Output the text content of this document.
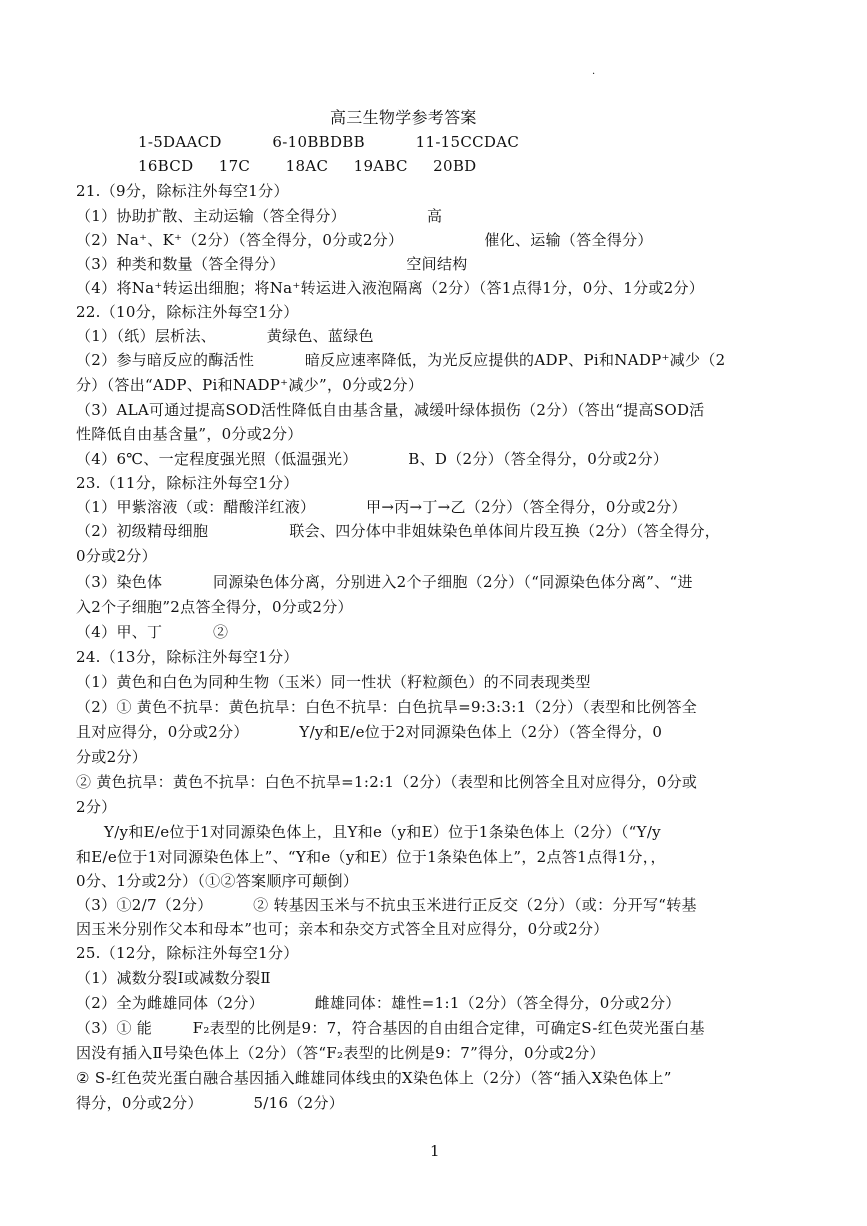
.
高三生物学参考答案
1-5DAACD          6-10BBDBB          11-15CCDAC
16BCD     17C       18AC     19ABC     20BD
21.（9分，除标注外每空1分）
（1）协助扩散、主动运输（答全得分）                高
（2）Na⁺、K⁺（2分）（答全得分，0分或2分）                催化、运输（答全得分）
（3）种类和数量（答全得分）                        空间结构
（4）将Na⁺转运出细胞；将Na⁺转运进入液泡隔离（2分）（答1点得1分，0分、1分或2分）
22.（10分，除标注外每空1分）
（1）（纸）层析法、          黄绿色、蓝绿色
（2）参与暗反应的酶活性          暗反应速率降低，为光反应提供的ADP、Pi和NADP⁺减少（2
分）（答出“ADP、Pi和NADP⁺减少”，0分或2分）
（3）ALA可通过提高SOD活性降低自由基含量，减缓叶绿体损伤（2分）（答出“提高SOD活
性降低自由基含量”，0分或2分）
（4）6℃、一定程度强光照（低温强光）          B、D（2分）（答全得分，0分或2分）
23.（11分，除标注外每空1分）
（1）甲紫溶液（或：醋酸洋红液）          甲→丙→丁→乙（2分）（答全得分，0分或2分）
（2）初级精母细胞                联会、四分体中非姐妹染色单体间片段互换（2分）（答全得分，
0分或2分）
（3）染色体          同源染色体分离，分别进入2个子细胞（2分）（“同源染色体分离”、“进
入2个子细胞”2点答全得分，0分或2分）
（4）甲、丁          ②
24.（13分，除标注外每空1分）
（1）黄色和白色为同种生物（玉米）同一性状（籽粒颜色）的不同表现类型
（2）① 黄色不抗旱：黄色抗旱：白色不抗旱：白色抗旱=9:3:3:1（2分）（表型和比例答全
且对应得分，0分或2分）          Y/y和E/e位于2对同源染色体上（2分）（答全得分，0
分或2分）
② 黄色抗旱：黄色不抗旱：白色不抗旱=1:2:1（2分）（表型和比例答全且对应得分，0分或
2分）
Y/y和E/e位于1对同源染色体上，且Y和e（y和E）位于1条染色体上（2分）（“Y/y
和E/e位于1对同源染色体上”、“Y和e（y和E）位于1条染色体上”，2点答1点得1分，，
0分、1分或2分）（①②答案顺序可颠倒）
（3）①2/7（2分）        ② 转基因玉米与不抗虫玉米进行正反交（2分）（或：分开写“转基
因玉米分别作父本和母本”也可；亲本和杂交方式答全且对应得分，0分或2分）
25.（12分，除标注外每空1分）
（1）减数分裂Ⅰ或减数分裂Ⅱ
（2）全为雌雄同体（2分）          雌雄同体：雄性=1:1（2分）（答全得分，0分或2分）
（3）① 能        F₂表型的比例是9：7，符合基因的自由组合定律，可确定S-红色荧光蛋白基
因没有插入Ⅱ号染色体上（2分）（答“F₂表型的比例是9：7”得分，0分或2分）
② S-红色荧光蛋白融合基因插入雌雄同体线虫的X染色体上（2分）（答“插入X染色体上”
得分，0分或2分）          5/16（2分）
1
